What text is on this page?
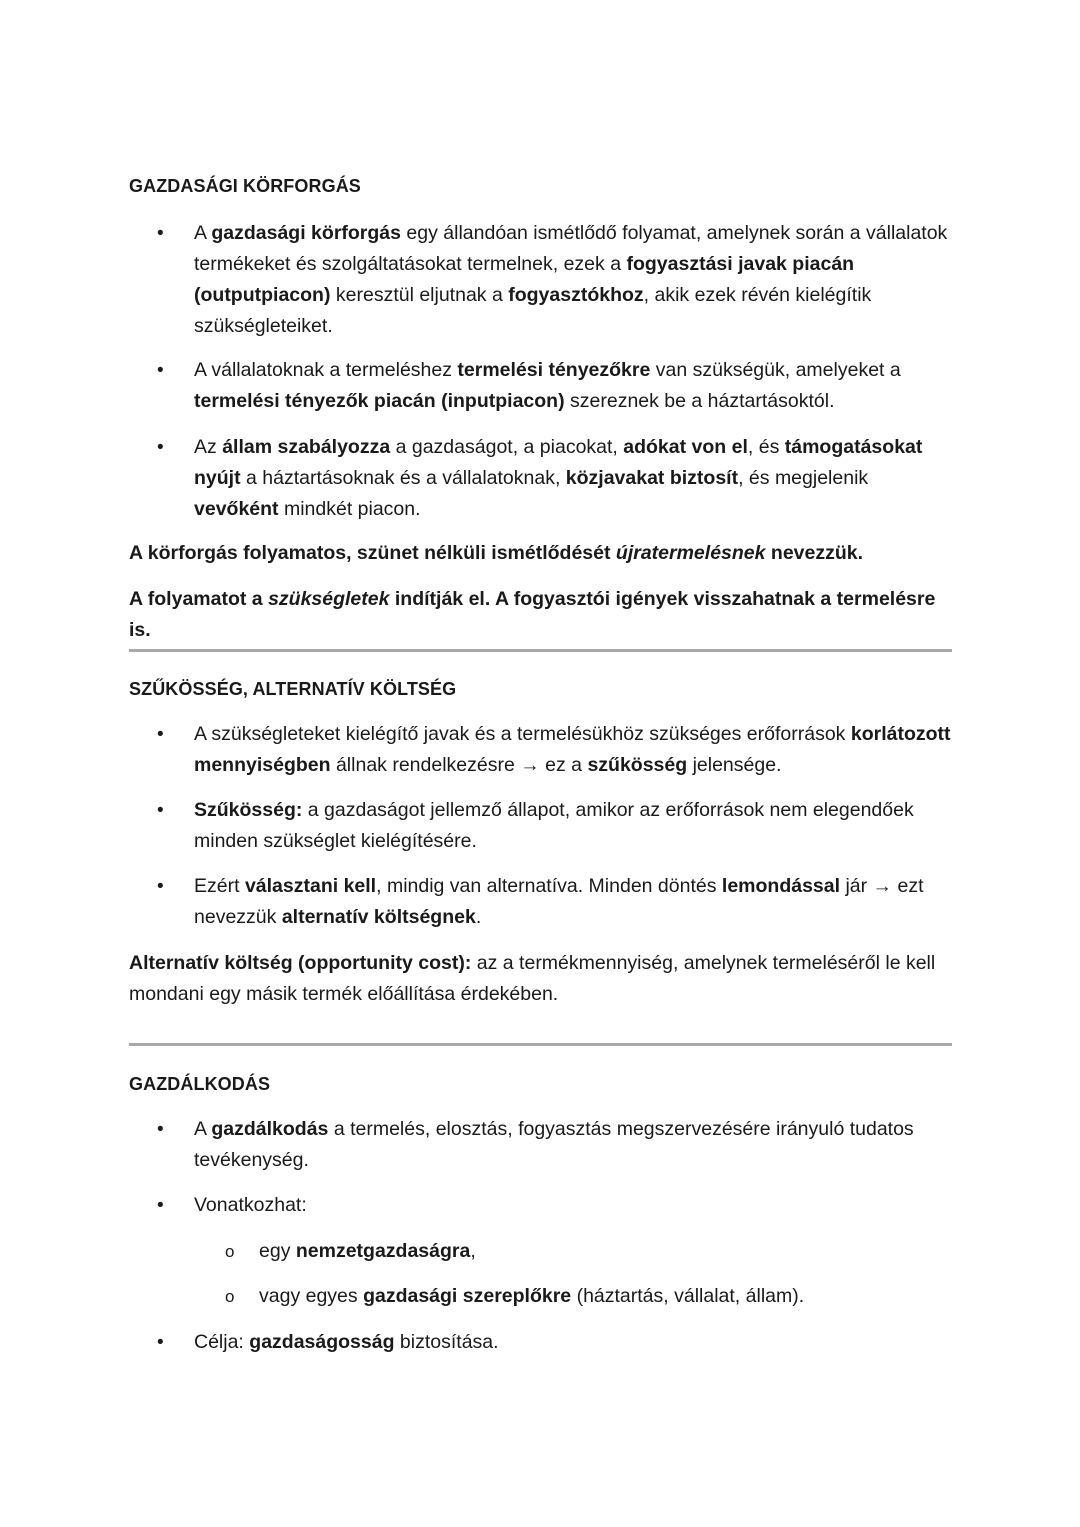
GAZDASÁGI KÖRFORGÁS
• A gazdasági körforgás egy állandóan ismétlődő folyamat, amelynek során a vállalatok termékeket és szolgáltatásokat termelnek, ezek a fogyasztási javak piacán (outputpiacon) keresztül eljutnak a fogyasztókhoz, akik ezek révén kielégítik szükségleteiket.
• A vállalatoknak a termeléshez termelési tényezőkre van szükségük, amelyeket a termelési tényezők piacán (inputpiacon) szereznek be a háztartásoktól.
• Az állam szabályozza a gazdaságot, a piacokat, adókat von el, és támogatásokat nyújt a háztartásoknak és a vállalatoknak, közjavakat biztosít, és megjelenik vevőként mindkét piacon.
A körforgás folyamatos, szünet nélküli ismétlődését újratermelésnek nevezzük.
A folyamatot a szükségletek indítják el. A fogyasztói igények visszahatnak a termelésre is.
SZŰKÖSSÉG, ALTERNATÍV KÖLTSÉG
• A szükségleteket kielégítő javak és a termelésükhöz szükséges erőforrások korlátozott mennyiségben állnak rendelkezésre → ez a szűkösség jelensége.
• Szűkösség: a gazdaságot jellemző állapot, amikor az erőforrások nem elegendőek minden szükséglet kielégítésére.
• Ezért választani kell, mindig van alternatíva. Minden döntés lemondással jár → ezt nevezzük alternatív költségnek.
Alternatív költség (opportunity cost): az a termékmennyiség, amelynek termeléséről le kell mondani egy másik termék előállítása érdekében.
GAZDÁLKODÁS
• A gazdálkodás a termelés, elosztás, fogyasztás megszervezésére irányuló tudatos tevékenység.
• Vonatkozhat:
o egy nemzetgazdaságra,
o vagy egyes gazdasági szereplőkre (háztartás, vállalat, állam).
• Célja: gazdaságosság biztosítása.
